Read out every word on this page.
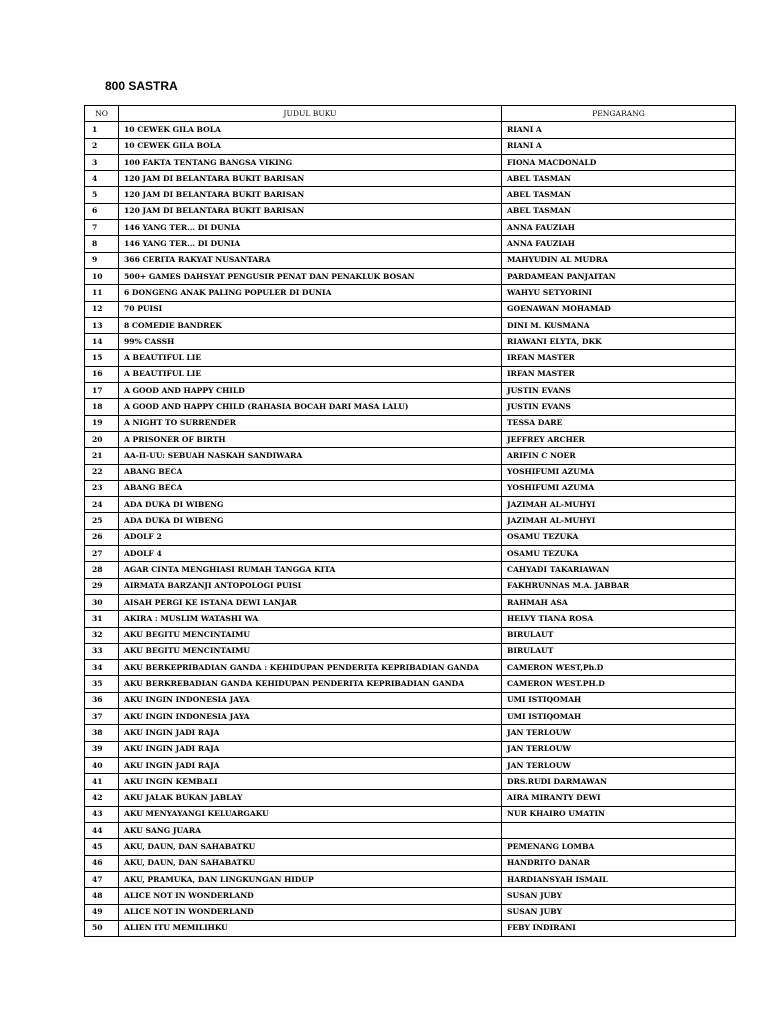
800 SASTRA
NO	JUDUL BUKU	PENGARANG
1	10 CEWEK GILA BOLA	RIANI A
2	10 CEWEK GILA BOLA	RIANI A
3	100 FAKTA TENTANG BANGSA VIKING	FIONA MACDONALD
4	120 JAM DI BELANTARA BUKIT BARISAN	ABEL TASMAN
5	120 JAM DI BELANTARA BUKIT BARISAN	ABEL TASMAN
6	120 JAM DI BELANTARA BUKIT BARISAN	ABEL TASMAN
7	146 YANG TER... DI DUNIA	ANNA FAUZIAH
8	146 YANG TER... DI DUNIA	ANNA FAUZIAH
9	366 CERITA RAKYAT NUSANTARA	MAHYUDIN AL MUDRA
10	500+ GAMES DAHSYAT PENGUSIR PENAT DAN PENAKLUK BOSAN	PARDAMEAN PANJAITAN
11	6 DONGENG ANAK PALING POPULER DI DUNIA	WAHYU SETYORINI
12	70 PUISI	GOENAWAN MOHAMAD
13	8 COMEDIE BANDREK	DINI M. KUSMANA
14	99% CASSH	RIAWANI ELYTA, DKK
15	A BEAUTIFUL LIE	IRFAN MASTER
16	A BEAUTIFUL LIE	IRFAN MASTER
17	A GOOD AND HAPPY CHILD	JUSTIN EVANS
18	A GOOD AND HAPPY CHILD (RAHASIA BOCAH DARI MASA LALU)	JUSTIN EVANS
19	A NIGHT TO SURRENDER	TESSA DARE
20	A PRISONER OF BIRTH	JEFFREY ARCHER
21	AA-II-UU: SEBUAH NASKAH SANDIWARA	ARIFIN C NOER
22	ABANG BECA	YOSHIFUMI AZUMA
23	ABANG BECA	YOSHIFUMI AZUMA
24	ADA DUKA DI WIBENG	JAZIMAH AL-MUHYI
25	ADA DUKA DI WIBENG	JAZIMAH AL-MUHYI
26	ADOLF 2	OSAMU TEZUKA
27	ADOLF 4	OSAMU TEZUKA
28	AGAR CINTA MENGHIASI RUMAH TANGGA KITA	CAHYADI TAKARIAWAN
29	AIRMATA BARZANJI ANTOPOLOGI PUISI	FAKHRUNNAS M.A. JABBAR
30	AISAH PERGI KE ISTANA DEWI LANJAR	RAHMAH ASA
31	AKIRA : MUSLIM WATASHI WA	HELVY TIANA ROSA
32	AKU BEGITU MENCINTAIMU	BIRULAUT
33	AKU BEGITU MENCINTAIMU	BIRULAUT
34	AKU BERKEPRIBADIAN GANDA : KEHIDUPAN PENDERITA KEPRIBADIAN GANDA	CAMERON WEST,Ph.D
35	AKU BERKREBADIAN GANDA KEHIDUPAN PENDERITA KEPRIBADIAN GANDA	CAMERON WEST.PH.D
36	AKU INGIN INDONESIA JAYA	UMI ISTIQOMAH
37	AKU INGIN INDONESIA JAYA	UMI ISTIQOMAH
38	AKU INGIN JADI RAJA	JAN TERLOUW
39	AKU INGIN JADI RAJA	JAN TERLOUW
40	AKU INGIN JADI RAJA	JAN TERLOUW
41	AKU INGIN KEMBALI	DRS.RUDI DARMAWAN
42	AKU JALAK BUKAN JABLAY	AIRA MIRANTY DEWI
43	AKU MENYAYANGI KELUARGAKU	NUR KHAIRO UMATIN
44	AKU SANG JUARA	
45	AKU, DAUN, DAN SAHABATKU	PEMENANG LOMBA
46	AKU, DAUN, DAN SAHABATKU	HANDRITO DANAR
47	AKU, PRAMUKA, DAN LINGKUNGAN HIDUP	HARDIANSYAH ISMAIL
48	ALICE NOT IN WONDERLAND	SUSAN JUBY
49	ALICE NOT IN WONDERLAND	SUSAN JUBY
50	ALIEN ITU MEMILIHKU	FEBY INDIRANI
